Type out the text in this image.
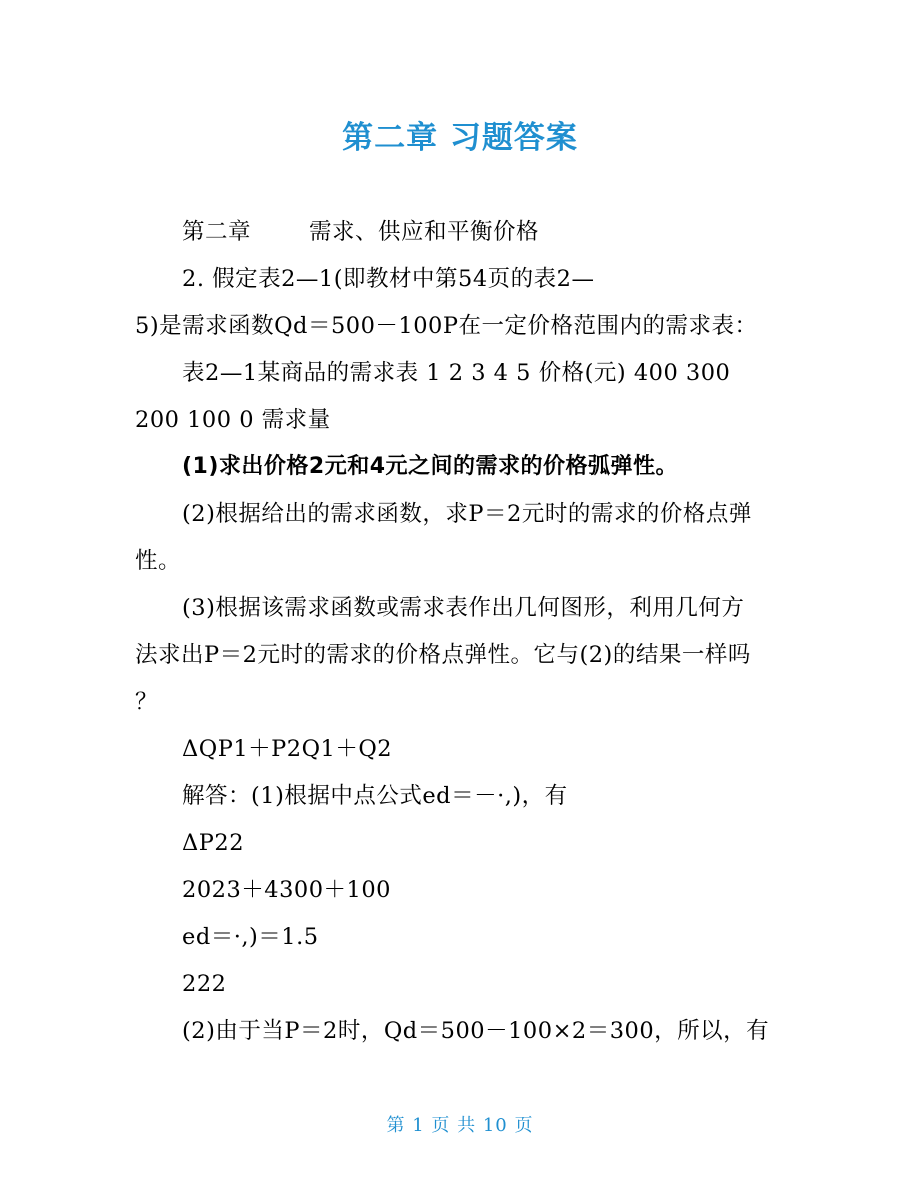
第二章 习题答案
第二章	需求、供应和平衡价格
2. 假定表2—1(即教材中第54页的表2—
5)是需求函数Qd＝500－100P在一定价格范围内的需求表：
表2—1某商品的需求表 1 2 3 4 5 价格(元) 400 300
200 100 0 需求量
(1)求出价格2元和4元之间的需求的价格弧弹性。
(2)根据给出的需求函数，求P＝2元时的需求的价格点弹
性。
(3)根据该需求函数或需求表作出几何图形，利用几何方
法求出P＝2元时的需求的价格点弹性。它与(2)的结果一样吗
？
ΔQP1＋P2Q1＋Q2
解答：(1)根据中点公式ed＝－·,)，有
ΔP22
2023＋4300＋100
ed＝·,)＝1.5
222
(2)由于当P＝2时，Qd＝500－100×2＝300，所以，有
第 1 页 共 10 页
